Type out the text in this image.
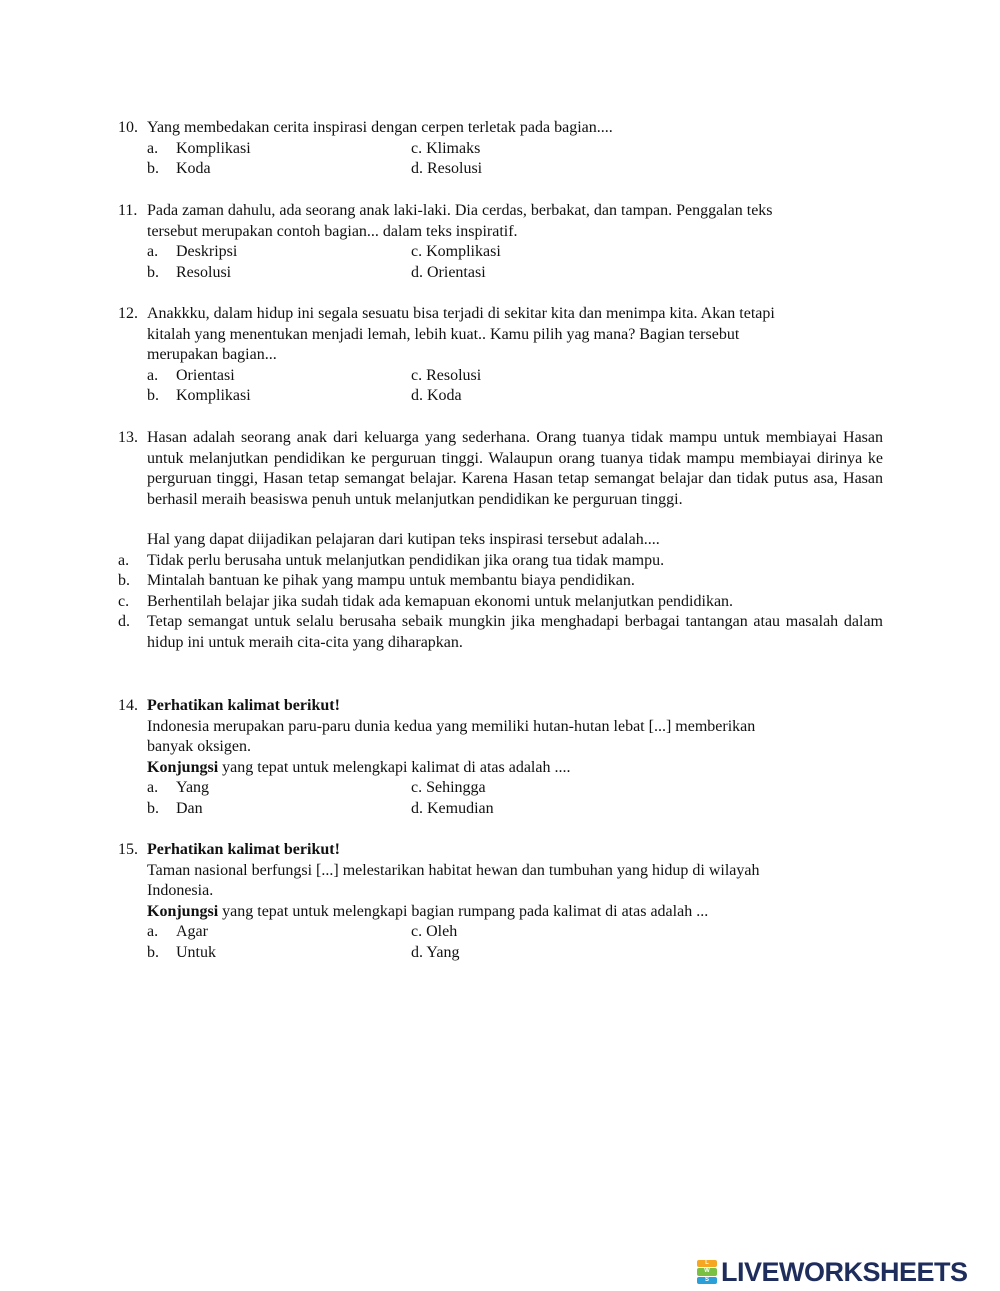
10. Yang membedakan cerita inspirasi dengan cerpen terletak pada bagian....
a.	Komplikasi	c. Klimaks
b.	Koda	d. Resolusi
11. Pada zaman dahulu, ada seorang anak laki-laki. Dia cerdas, berbakat, dan tampan. Penggalan teks
tersebut merupakan contoh bagian... dalam teks inspiratif.
a.	Deskripsi	c. Komplikasi
b.	Resolusi	d. Orientasi
12. Anakkku, dalam hidup ini segala sesuatu bisa terjadi di sekitar kita dan menimpa kita. Akan tetapi
kitalah yang menentukan menjadi lemah, lebih kuat.. Kamu pilih yag mana? Bagian tersebut
merupakan bagian...
a.	Orientasi	c. Resolusi
b.	Komplikasi	d. Koda
13. Hasan adalah seorang anak dari keluarga yang sederhana. Orang tuanya tidak mampu untuk membiayai Hasan untuk melanjutkan pendidikan ke perguruan tinggi. Walaupun orang tuanya tidak mampu membiayai dirinya ke perguruan tinggi, Hasan tetap semangat belajar. Karena Hasan tetap semangat belajar dan tidak putus asa, Hasan berhasil meraih beasiswa penuh untuk melanjutkan pendidikan ke perguruan tinggi.
Hal yang dapat diijadikan pelajaran dari kutipan teks inspirasi tersebut adalah....
a.	Tidak perlu berusaha untuk melanjutkan pendidikan jika orang tua tidak mampu.
b.	Mintalah bantuan ke pihak yang mampu untuk membantu biaya pendidikan.
c.	Berhentilah belajar jika sudah tidak ada kemapuan ekonomi untuk melanjutkan pendidikan.
d.	Tetap semangat untuk selalu berusaha sebaik mungkin jika menghadapi berbagai tantangan atau masalah dalam hidup ini untuk meraih cita-cita yang diharapkan.
14. Perhatikan kalimat berikut!
Indonesia merupakan paru-paru dunia kedua yang memiliki hutan-hutan lebat [...] memberikan
banyak oksigen.
Konjungsi yang tepat untuk melengkapi kalimat di atas adalah ....
a.	Yang	c. Sehingga
b.	Dan	d. Kemudian
15. Perhatikan kalimat berikut!
Taman nasional berfungsi [...] melestarikan habitat hewan dan tumbuhan yang hidup di wilayah
Indonesia.
Konjungsi yang tepat untuk melengkapi bagian rumpang pada kalimat di atas adalah ...
a.	Agar	c. Oleh
b.	Untuk	d. Yang
L
W
S LIVEWORKSHEETS
